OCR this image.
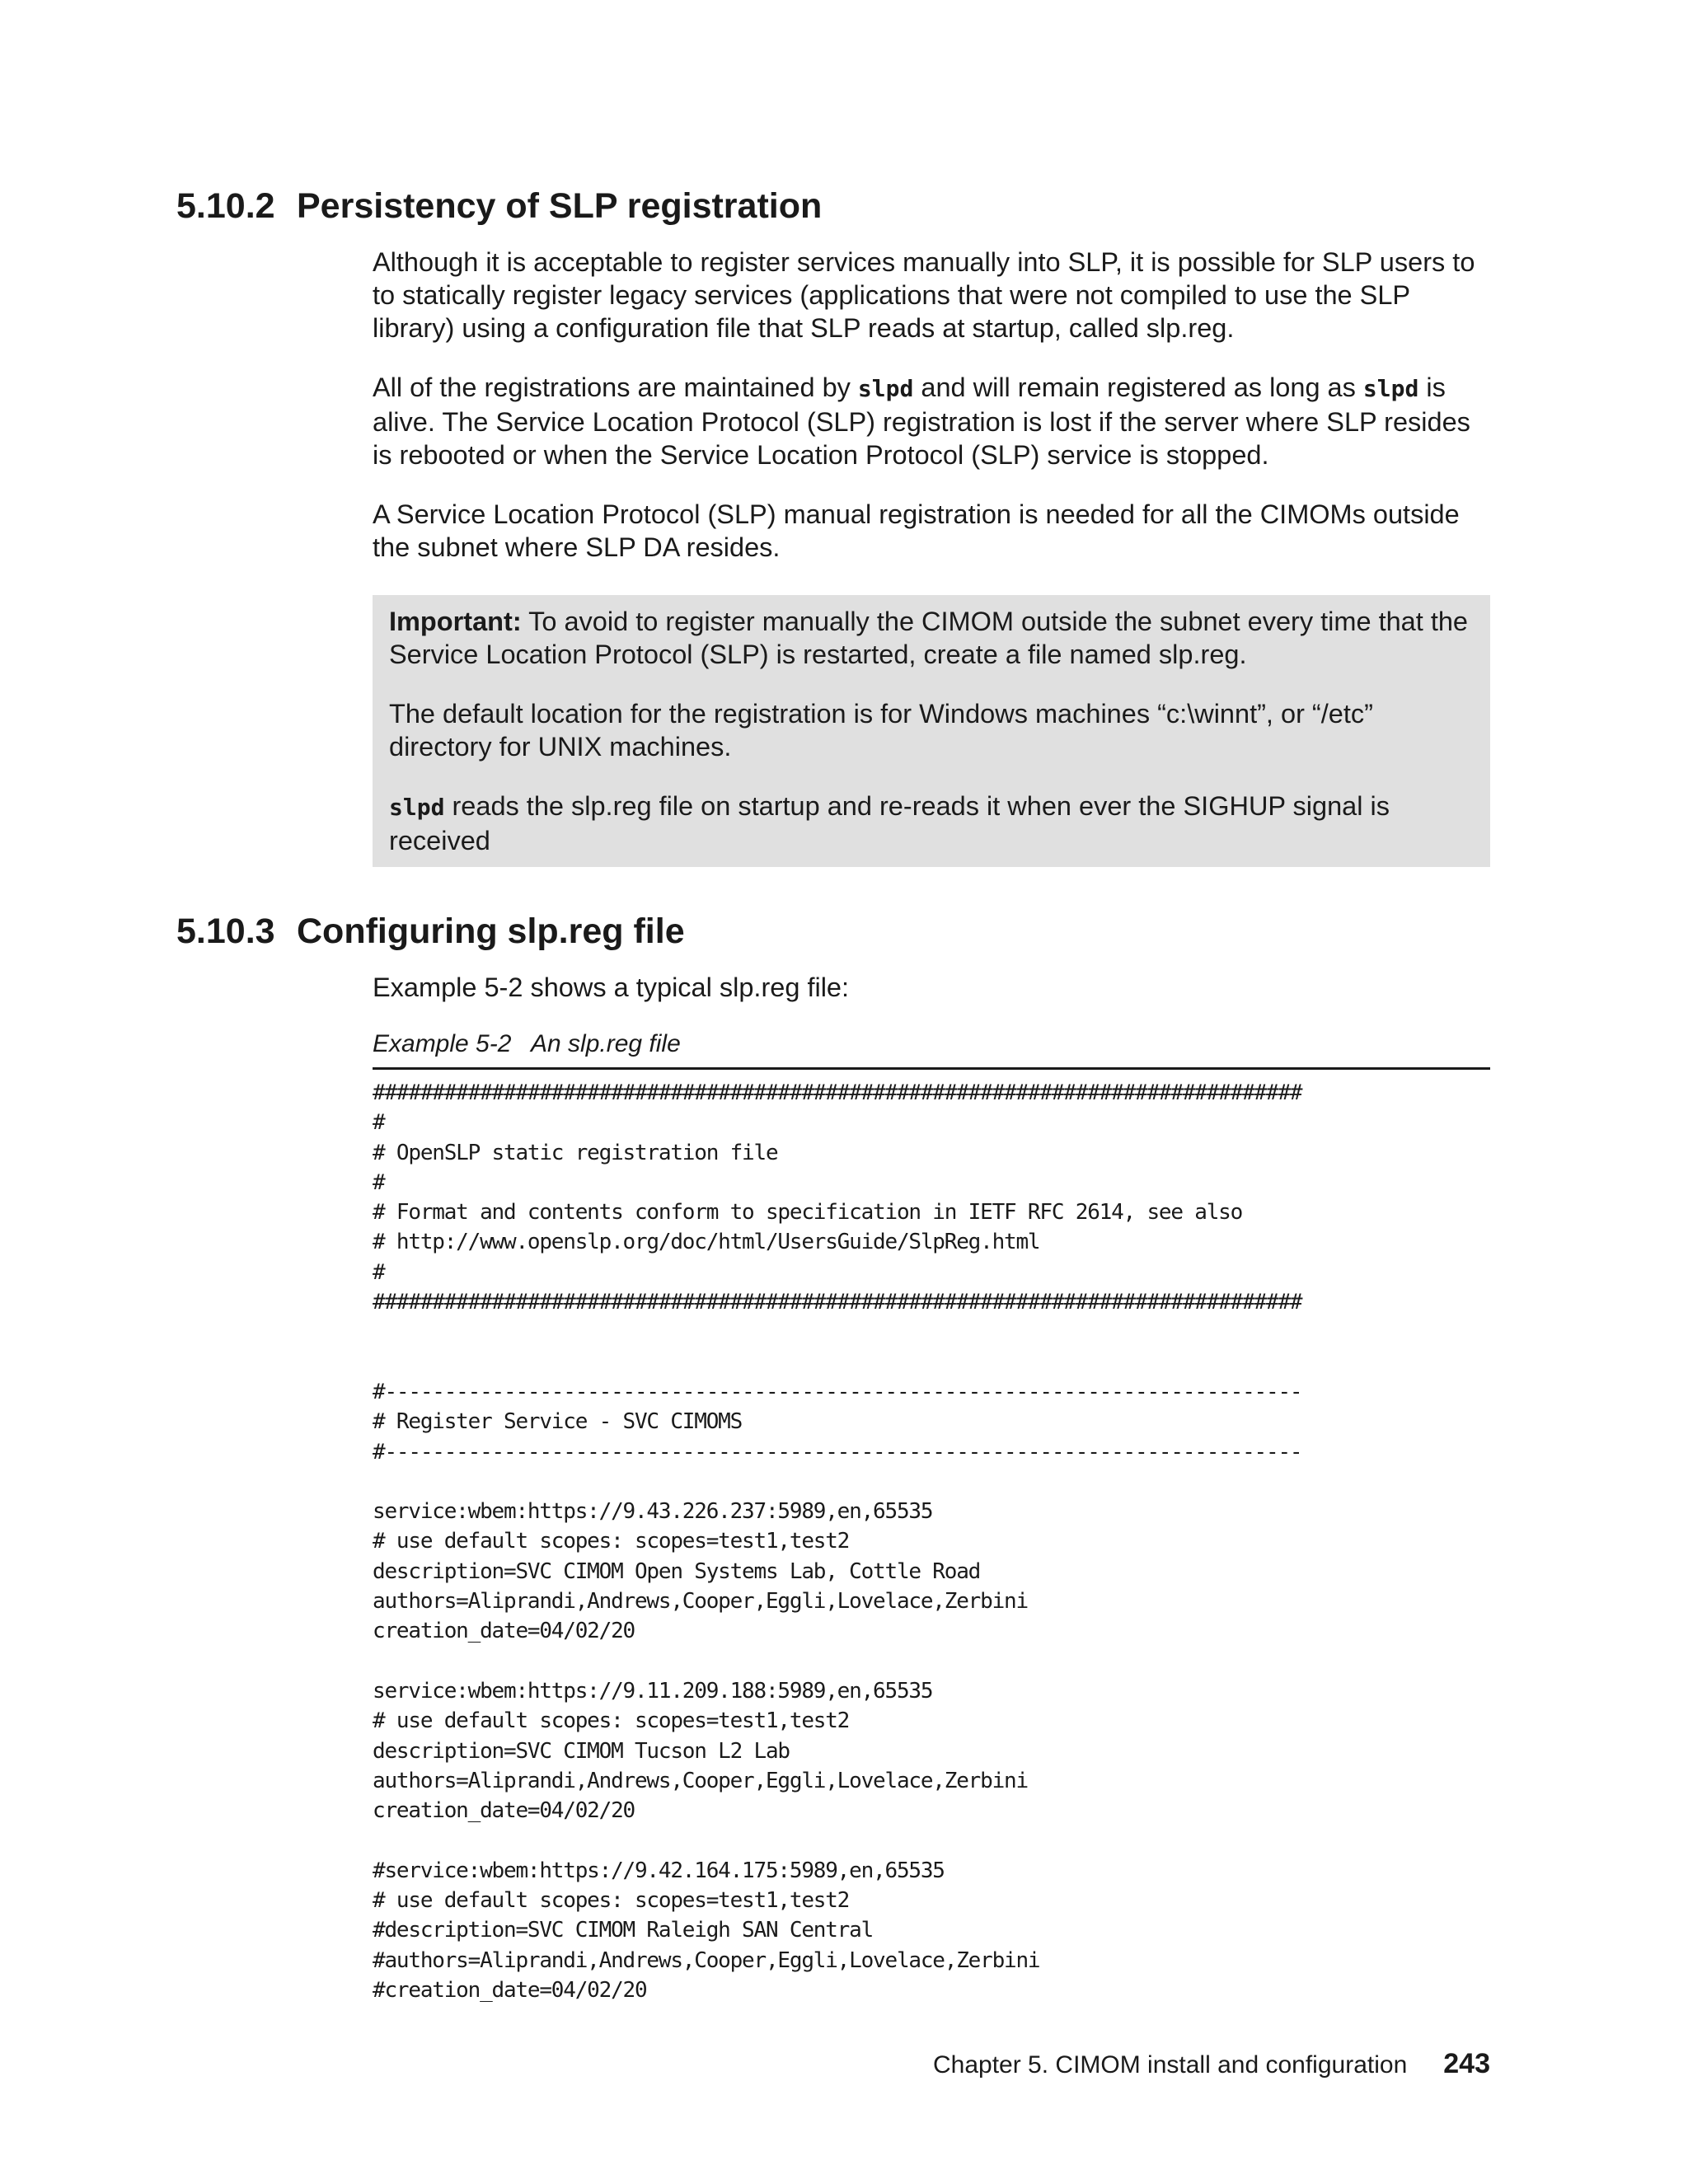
5.10.2 Persistency of SLP registration

Although it is acceptable to register services manually into SLP, it is possible for SLP users to to statically register legacy services (applications that were not compiled to use the SLP library) using a configuration file that SLP reads at startup, called slp.reg.

All of the registrations are maintained by slpd and will remain registered as long as slpd is alive. The Service Location Protocol (SLP) registration is lost if the server where SLP resides is rebooted or when the Service Location Protocol (SLP) service is stopped.

A Service Location Protocol (SLP) manual registration is needed for all the CIMOMs outside the subnet where SLP DA resides.

Important: To avoid to register manually the CIMOM outside the subnet every time that the Service Location Protocol (SLP) is restarted, create a file named slp.reg.

The default location for the registration is for Windows machines “c:\winnt”, or “/etc” directory for UNIX machines.

slpd reads the slp.reg file on startup and re-reads it when ever the SIGHUP signal is received

5.10.3 Configuring slp.reg file

Example 5-2 shows a typical slp.reg file:

Example 5-2 An slp.reg file

##############################################################################
#
# OpenSLP static registration file
#
# Format and contents conform to specification in IETF RFC 2614, see also
# http://www.openslp.org/doc/html/UsersGuide/SlpReg.html
#
##############################################################################
#-----------------------------------------------------------------------------
# Register Service - SVC CIMOMS
#-----------------------------------------------------------------------------
service:wbem:https://9.43.226.237:5989,en,65535
# use default scopes: scopes=test1,test2
description=SVC CIMOM Open Systems Lab, Cottle Road
authors=Aliprandi,Andrews,Cooper,Eggli,Lovelace,Zerbini
creation_date=04/02/20
service:wbem:https://9.11.209.188:5989,en,65535
# use default scopes: scopes=test1,test2
description=SVC CIMOM Tucson L2 Lab
authors=Aliprandi,Andrews,Cooper,Eggli,Lovelace,Zerbini
creation_date=04/02/20
#service:wbem:https://9.42.164.175:5989,en,65535
# use default scopes: scopes=test1,test2
#description=SVC CIMOM Raleigh SAN Central
#authors=Aliprandi,Andrews,Cooper,Eggli,Lovelace,Zerbini
#creation_date=04/02/20
Chapter 5. CIMOM install and configuration 243
